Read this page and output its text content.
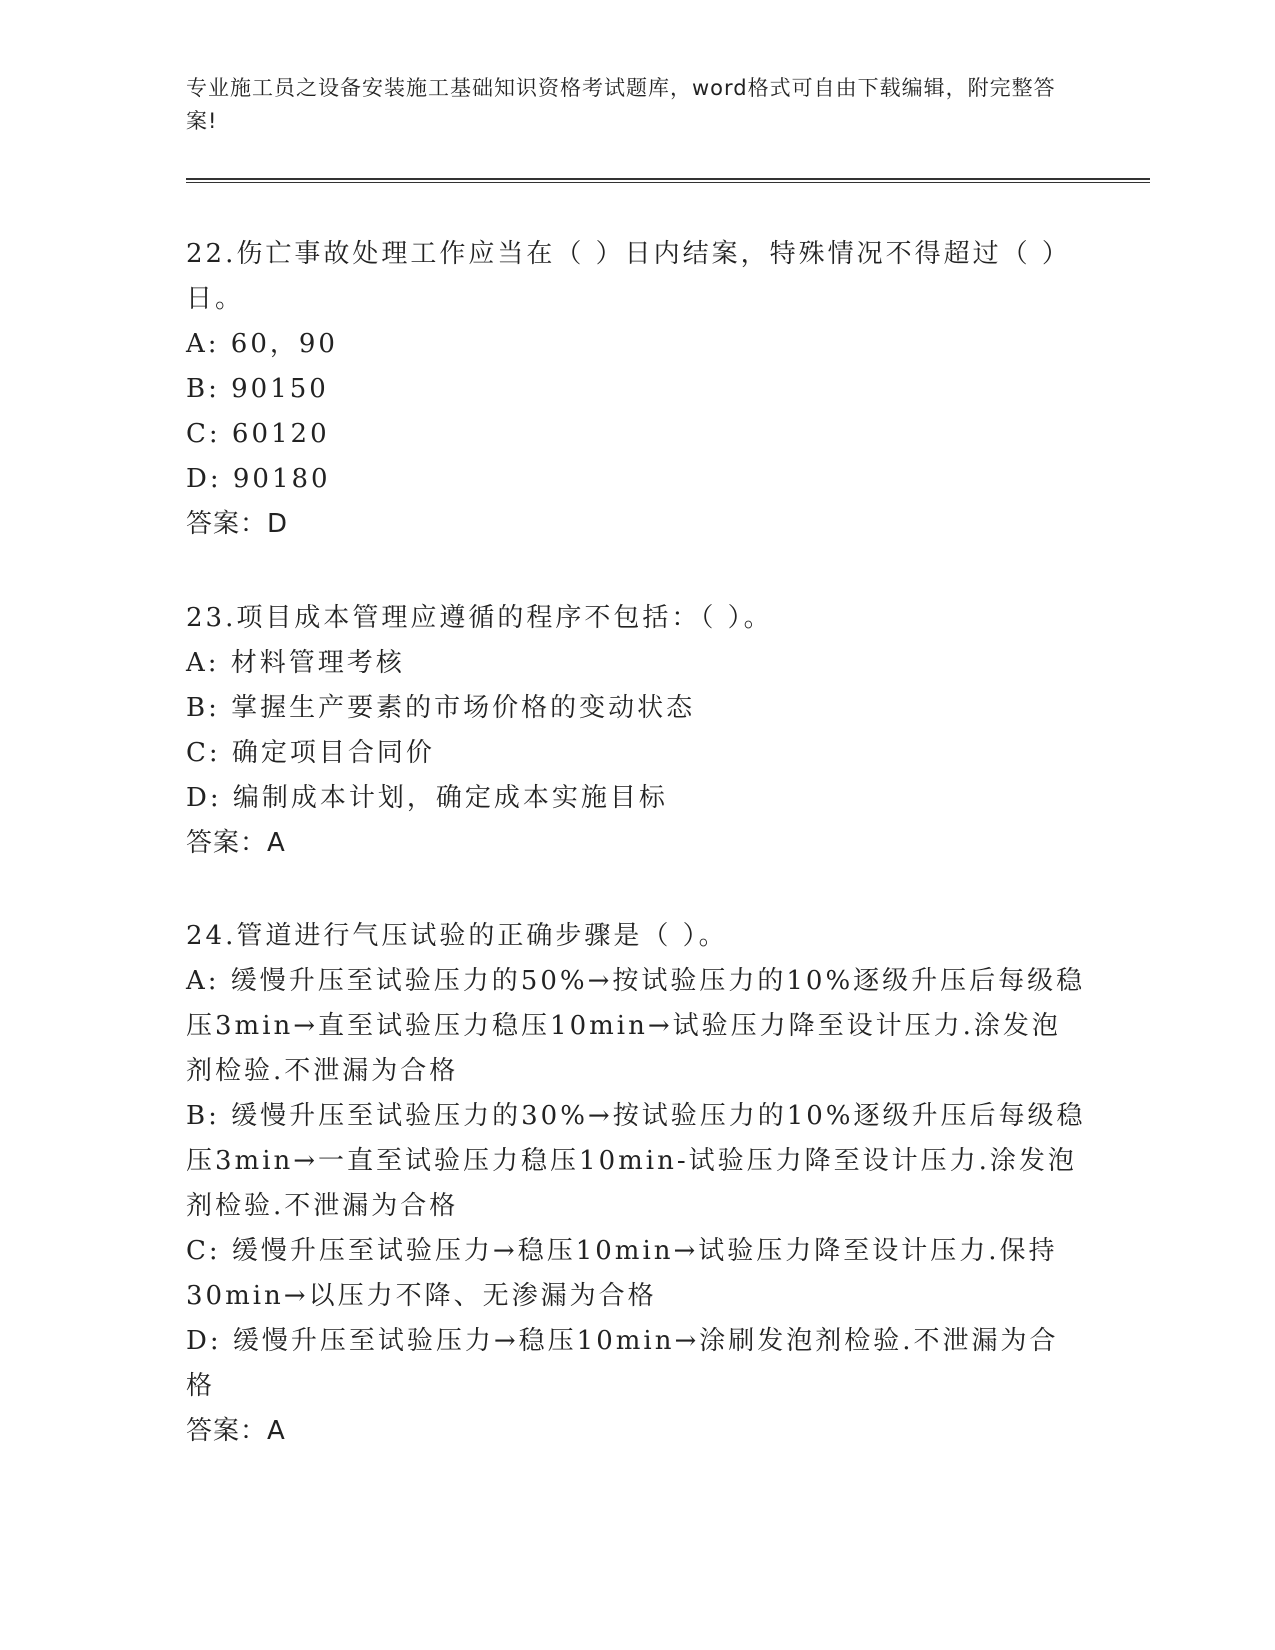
专业施工员之设备安装施工基础知识资格考试题库，word格式可自由下载编辑，附完整答案!

22.伤亡事故处理工作应当在（ ）日内结案，特殊情况不得超过（ ）日。

A: 60，90

B: 90150

C: 60120

D: 90180

答案：D

23.项目成本管理应遵循的程序不包括：（ ）。

A: 材料管理考核

B: 掌握生产要素的市场价格的变动状态

C: 确定项目合同价

D: 编制成本计划，确定成本实施目标

答案：A

24.管道进行气压试验的正确步骤是（ ）。

A: 缓慢升压至试验压力的50%→按试验压力的10%逐级升压后每级稳压3min→直至试验压力稳压10min→试验压力降至设计压力.涂发泡剂检验.不泄漏为合格

B: 缓慢升压至试验压力的30%→按试验压力的10%逐级升压后每级稳压3min→一直至试验压力稳压10min-试验压力降至设计压力.涂发泡剂检验.不泄漏为合格

C: 缓慢升压至试验压力→稳压10min→试验压力降至设计压力.保持30min→以压力不降、无渗漏为合格

D: 缓慢升压至试验压力→稳压10min→涂刷发泡剂检验.不泄漏为合格

答案：A
